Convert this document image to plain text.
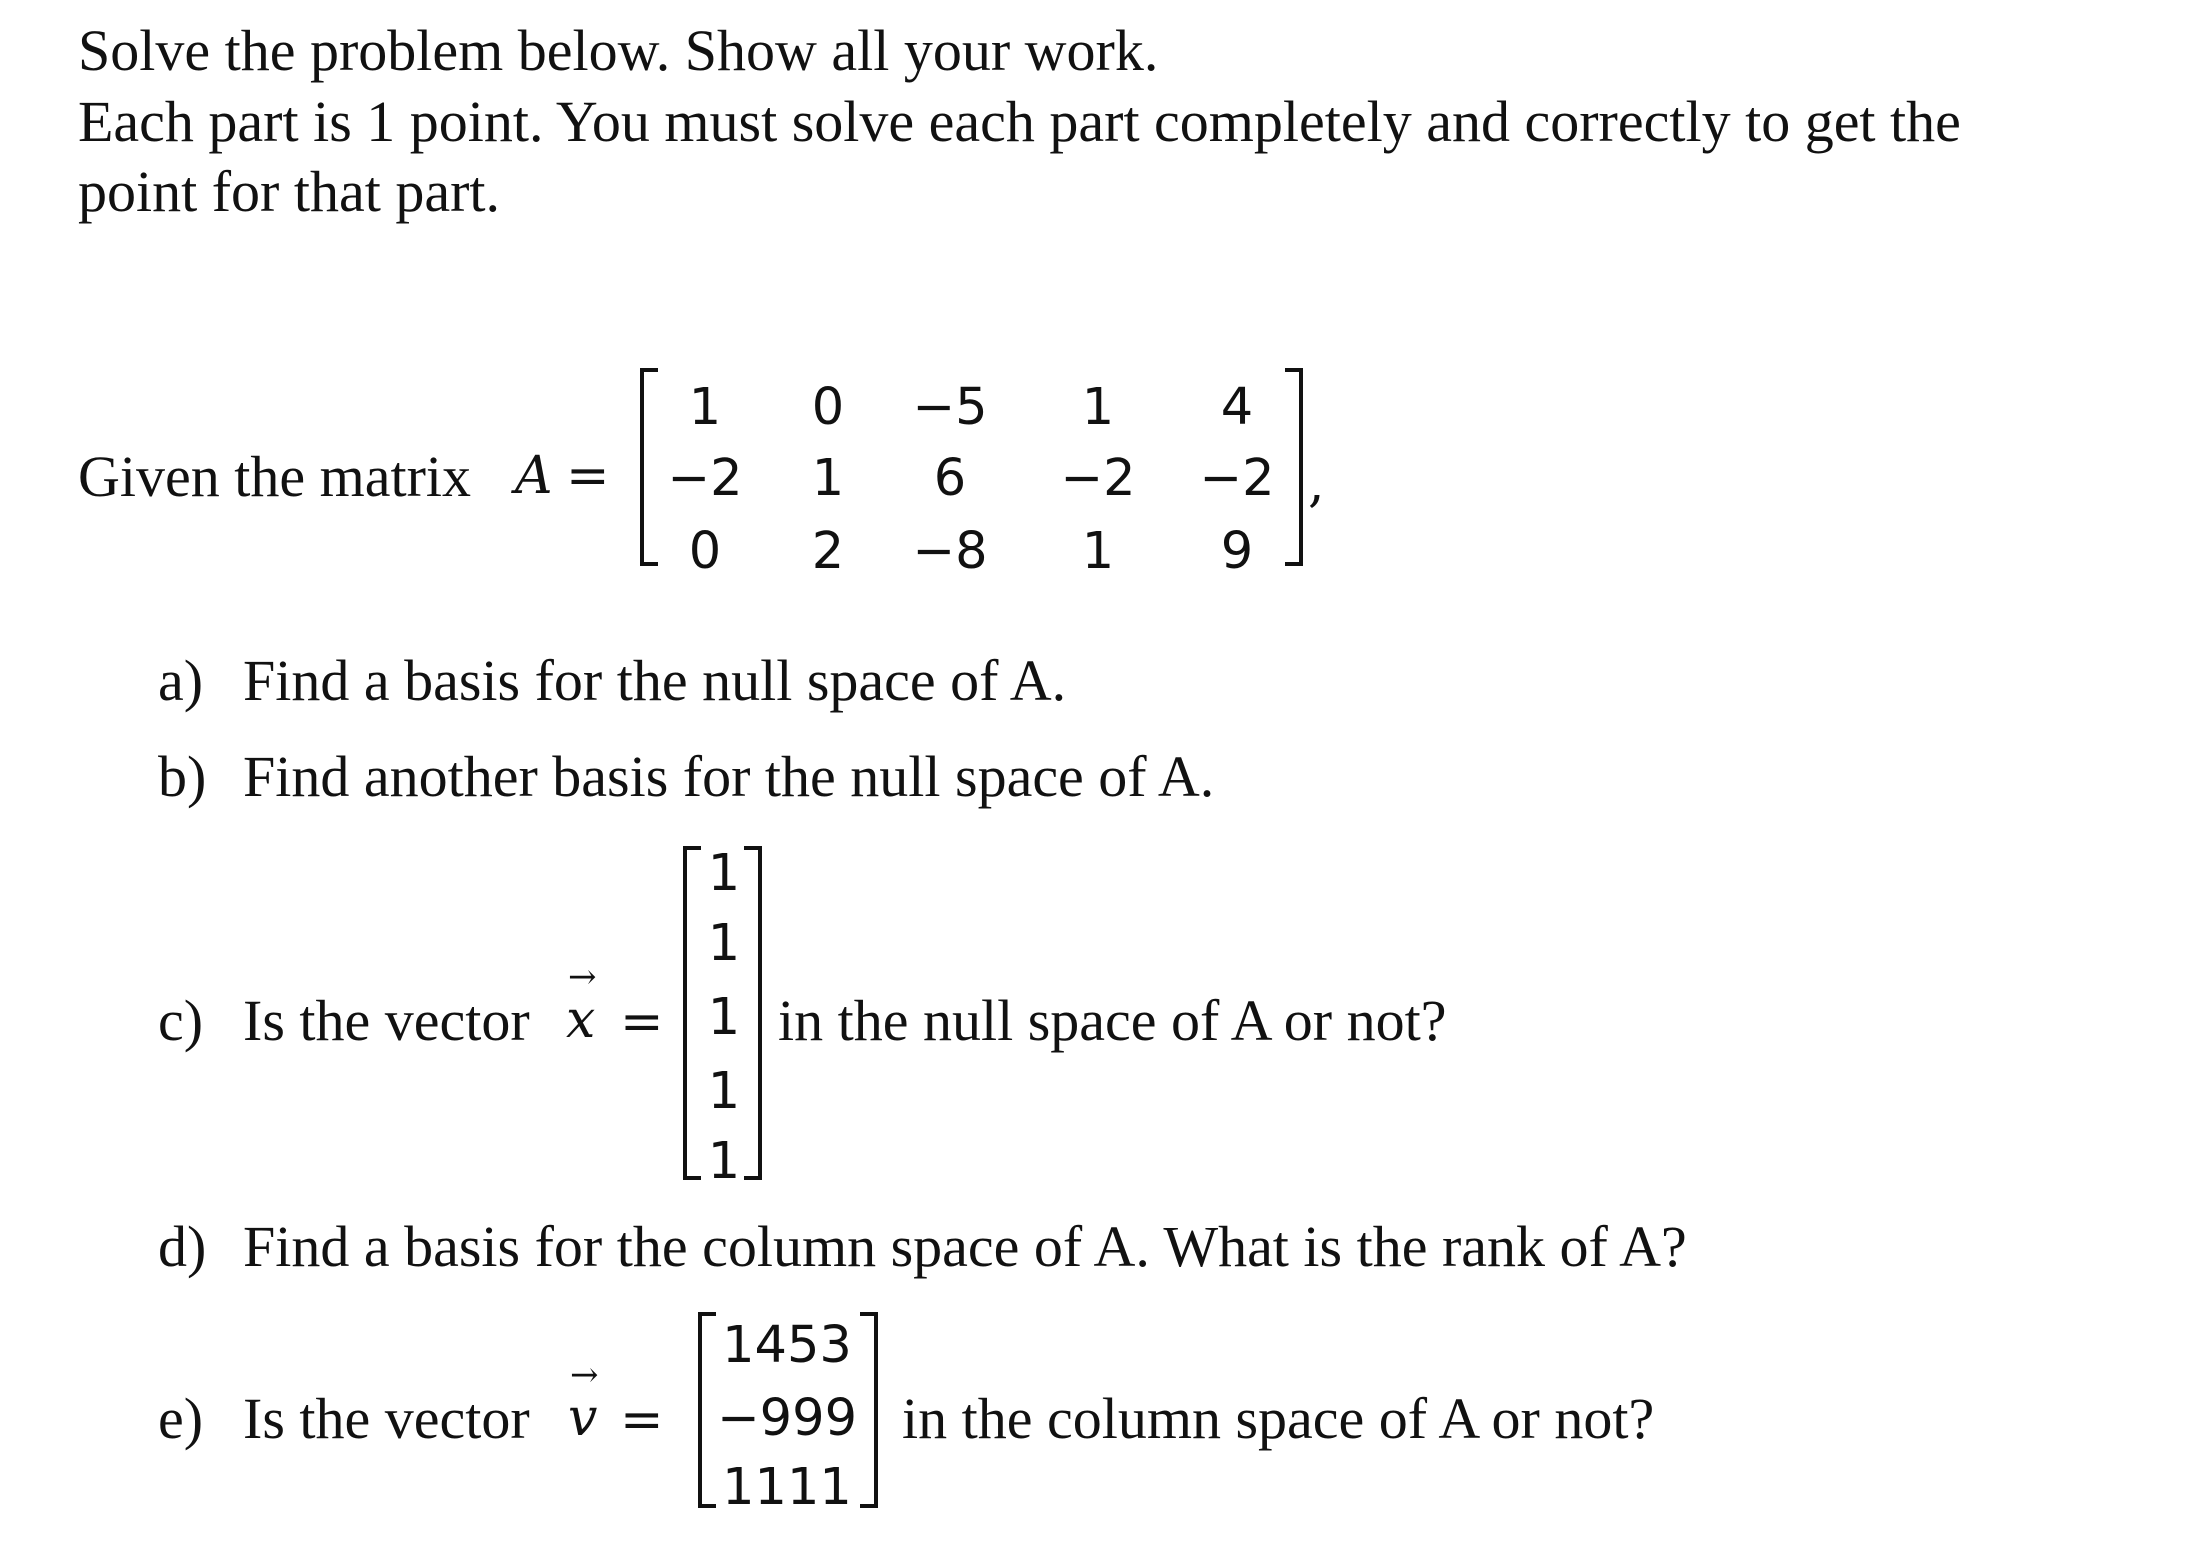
Solve the problem below. Show all your work.
Each part is 1 point. You must solve each part completely and correctly to get the
point for that part.
Given the matrix A =
1	0	−5	1	4
−2	1	6	−2	−2
0	2	−8	1	9
,
a) Find a basis for the null space of A.
b) Find another basis for the null space of A.
c) Is the vector x
→
=
1
1
1
1
1
in the null space of A or not?
d) Find a basis for the column space of A. What is the rank of A?
e) Is the vector v
→
=
1453
−999
1111
in the column space of A or not?
